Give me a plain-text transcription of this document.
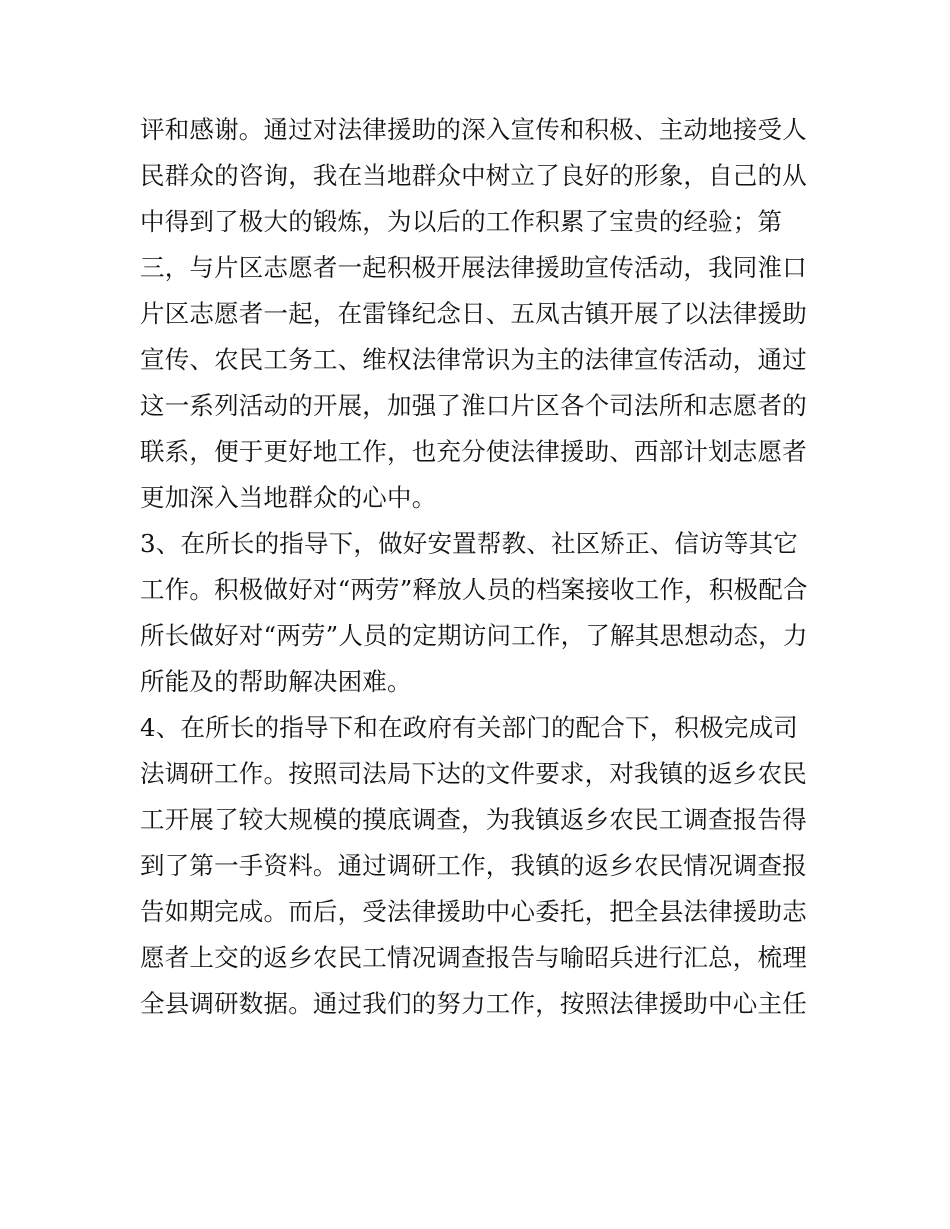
评和感谢。通过对法律援助的深入宣传和积极、主动地接受人
民群众的咨询，我在当地群众中树立了良好的形象，自己的从
中得到了极大的锻炼，为以后的工作积累了宝贵的经验；第
三，与片区志愿者一起积极开展法律援助宣传活动，我同淮口
片区志愿者一起，在雷锋纪念日、五凤古镇开展了以法律援助
宣传、农民工务工、维权法律常识为主的法律宣传活动，通过
这一系列活动的开展，加强了淮口片区各个司法所和志愿者的
联系，便于更好地工作，也充分使法律援助、西部计划志愿者
更加深入当地群众的心中。
3、在所长的指导下，做好安置帮教、社区矫正、信访等其它
工作。积极做好对“两劳”释放人员的档案接收工作，积极配合
所长做好对“两劳”人员的定期访问工作，了解其思想动态，力
所能及的帮助解决困难。
4、在所长的指导下和在政府有关部门的配合下，积极完成司
法调研工作。按照司法局下达的文件要求，对我镇的返乡农民
工开展了较大规模的摸底调查，为我镇返乡农民工调查报告得
到了第一手资料。通过调研工作，我镇的返乡农民情况调查报
告如期完成。而后，受法律援助中心委托，把全县法律援助志
愿者上交的返乡农民工情况调查报告与喻昭兵进行汇总，梳理
全县调研数据。通过我们的努力工作，按照法律援助中心主任
